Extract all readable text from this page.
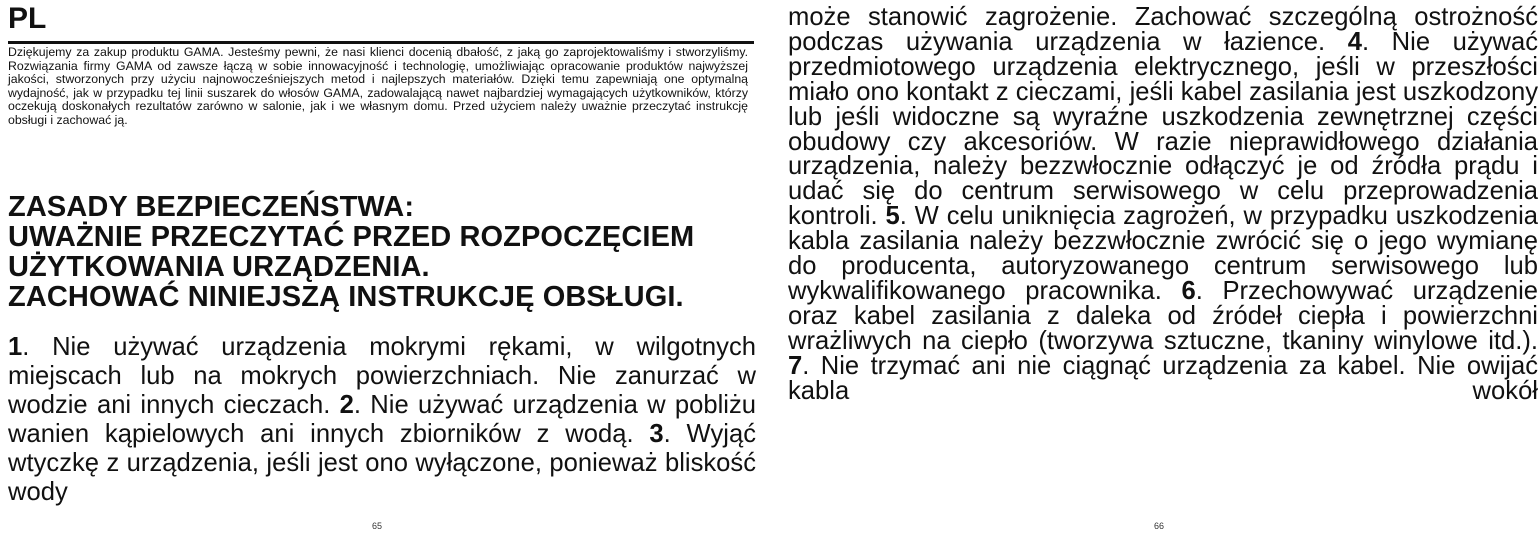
PL
Dziękujemy za zakup produktu GAMA. Jesteśmy pewni, że nasi klienci docenią dbałość, z jaką go zaprojektowaliśmy i stworzyliśmy. Rozwiązania firmy GAMA od zawsze łączą w sobie innowacyjność i technologię, umożliwiając opracowanie produktów najwyższej jakości, stworzonych przy użyciu najnowocześniejszych metod i najlepszych materiałów. Dzięki temu zapewniają one optymalną wydajność, jak w przypadku tej linii suszarek do włosów GAMA, zadowalającą nawet najbardziej wymagających użytkowników, którzy oczekują doskonałych rezultatów zarówno w salonie, jak i we własnym domu. Przed użyciem należy uważnie przeczytać instrukcję obsługi i zachować ją.
ZASADY BEZPIECZEŃSTWA:
UWAŻNIE PRZECZYTAĆ PRZED ROZPOCZĘCIEM
UŻYTKOWANIA URZĄDZENIA.
ZACHOWAĆ NINIEJSZĄ INSTRUKCJĘ OBSŁUGI.
1. Nie używać urządzenia mokrymi rękami, w wilgotnych miejscach lub na mokrych powierzchniach. Nie zanurzać w wodzie ani innych cieczach. 2. Nie używać urządzenia w pobliżu wanien kąpielowych ani innych zbiorników z wodą. 3. Wyjąć wtyczkę z urządzenia, jeśli jest ono wyłączone, ponieważ bliskość wody
65
może stanowić zagrożenie. Zachować szczególną ostrożność podczas używania urządzenia w łazience. 4. Nie używać przedmiotowego urządzenia elektrycznego, jeśli w przeszłości miało ono kontakt z cieczami, jeśli kabel zasilania jest uszkodzony lub jeśli widoczne są wyraźne uszkodzenia zewnętrznej części obudowy czy akcesoriów. W razie nieprawidłowego działania urządzenia, należy bezzwłocznie odłączyć je od źródła prądu i udać się do centrum serwisowego w celu przeprowadzenia kontroli. 5. W celu uniknięcia zagrożeń, w przypadku uszkodzenia kabla zasilania należy bezzwłocznie zwrócić się o jego wymianę do producenta, autoryzowanego centrum serwisowego lub wykwalifikowanego pracownika. 6. Przechowywać urządzenie oraz kabel zasilania z daleka od źródeł ciepła i powierzchni wrażliwych na ciepło (tworzywa sztuczne, tkaniny winylowe itd.). 7. Nie trzymać ani nie ciągnąć urządzenia za kabel. Nie owijać kabla wokół
66
